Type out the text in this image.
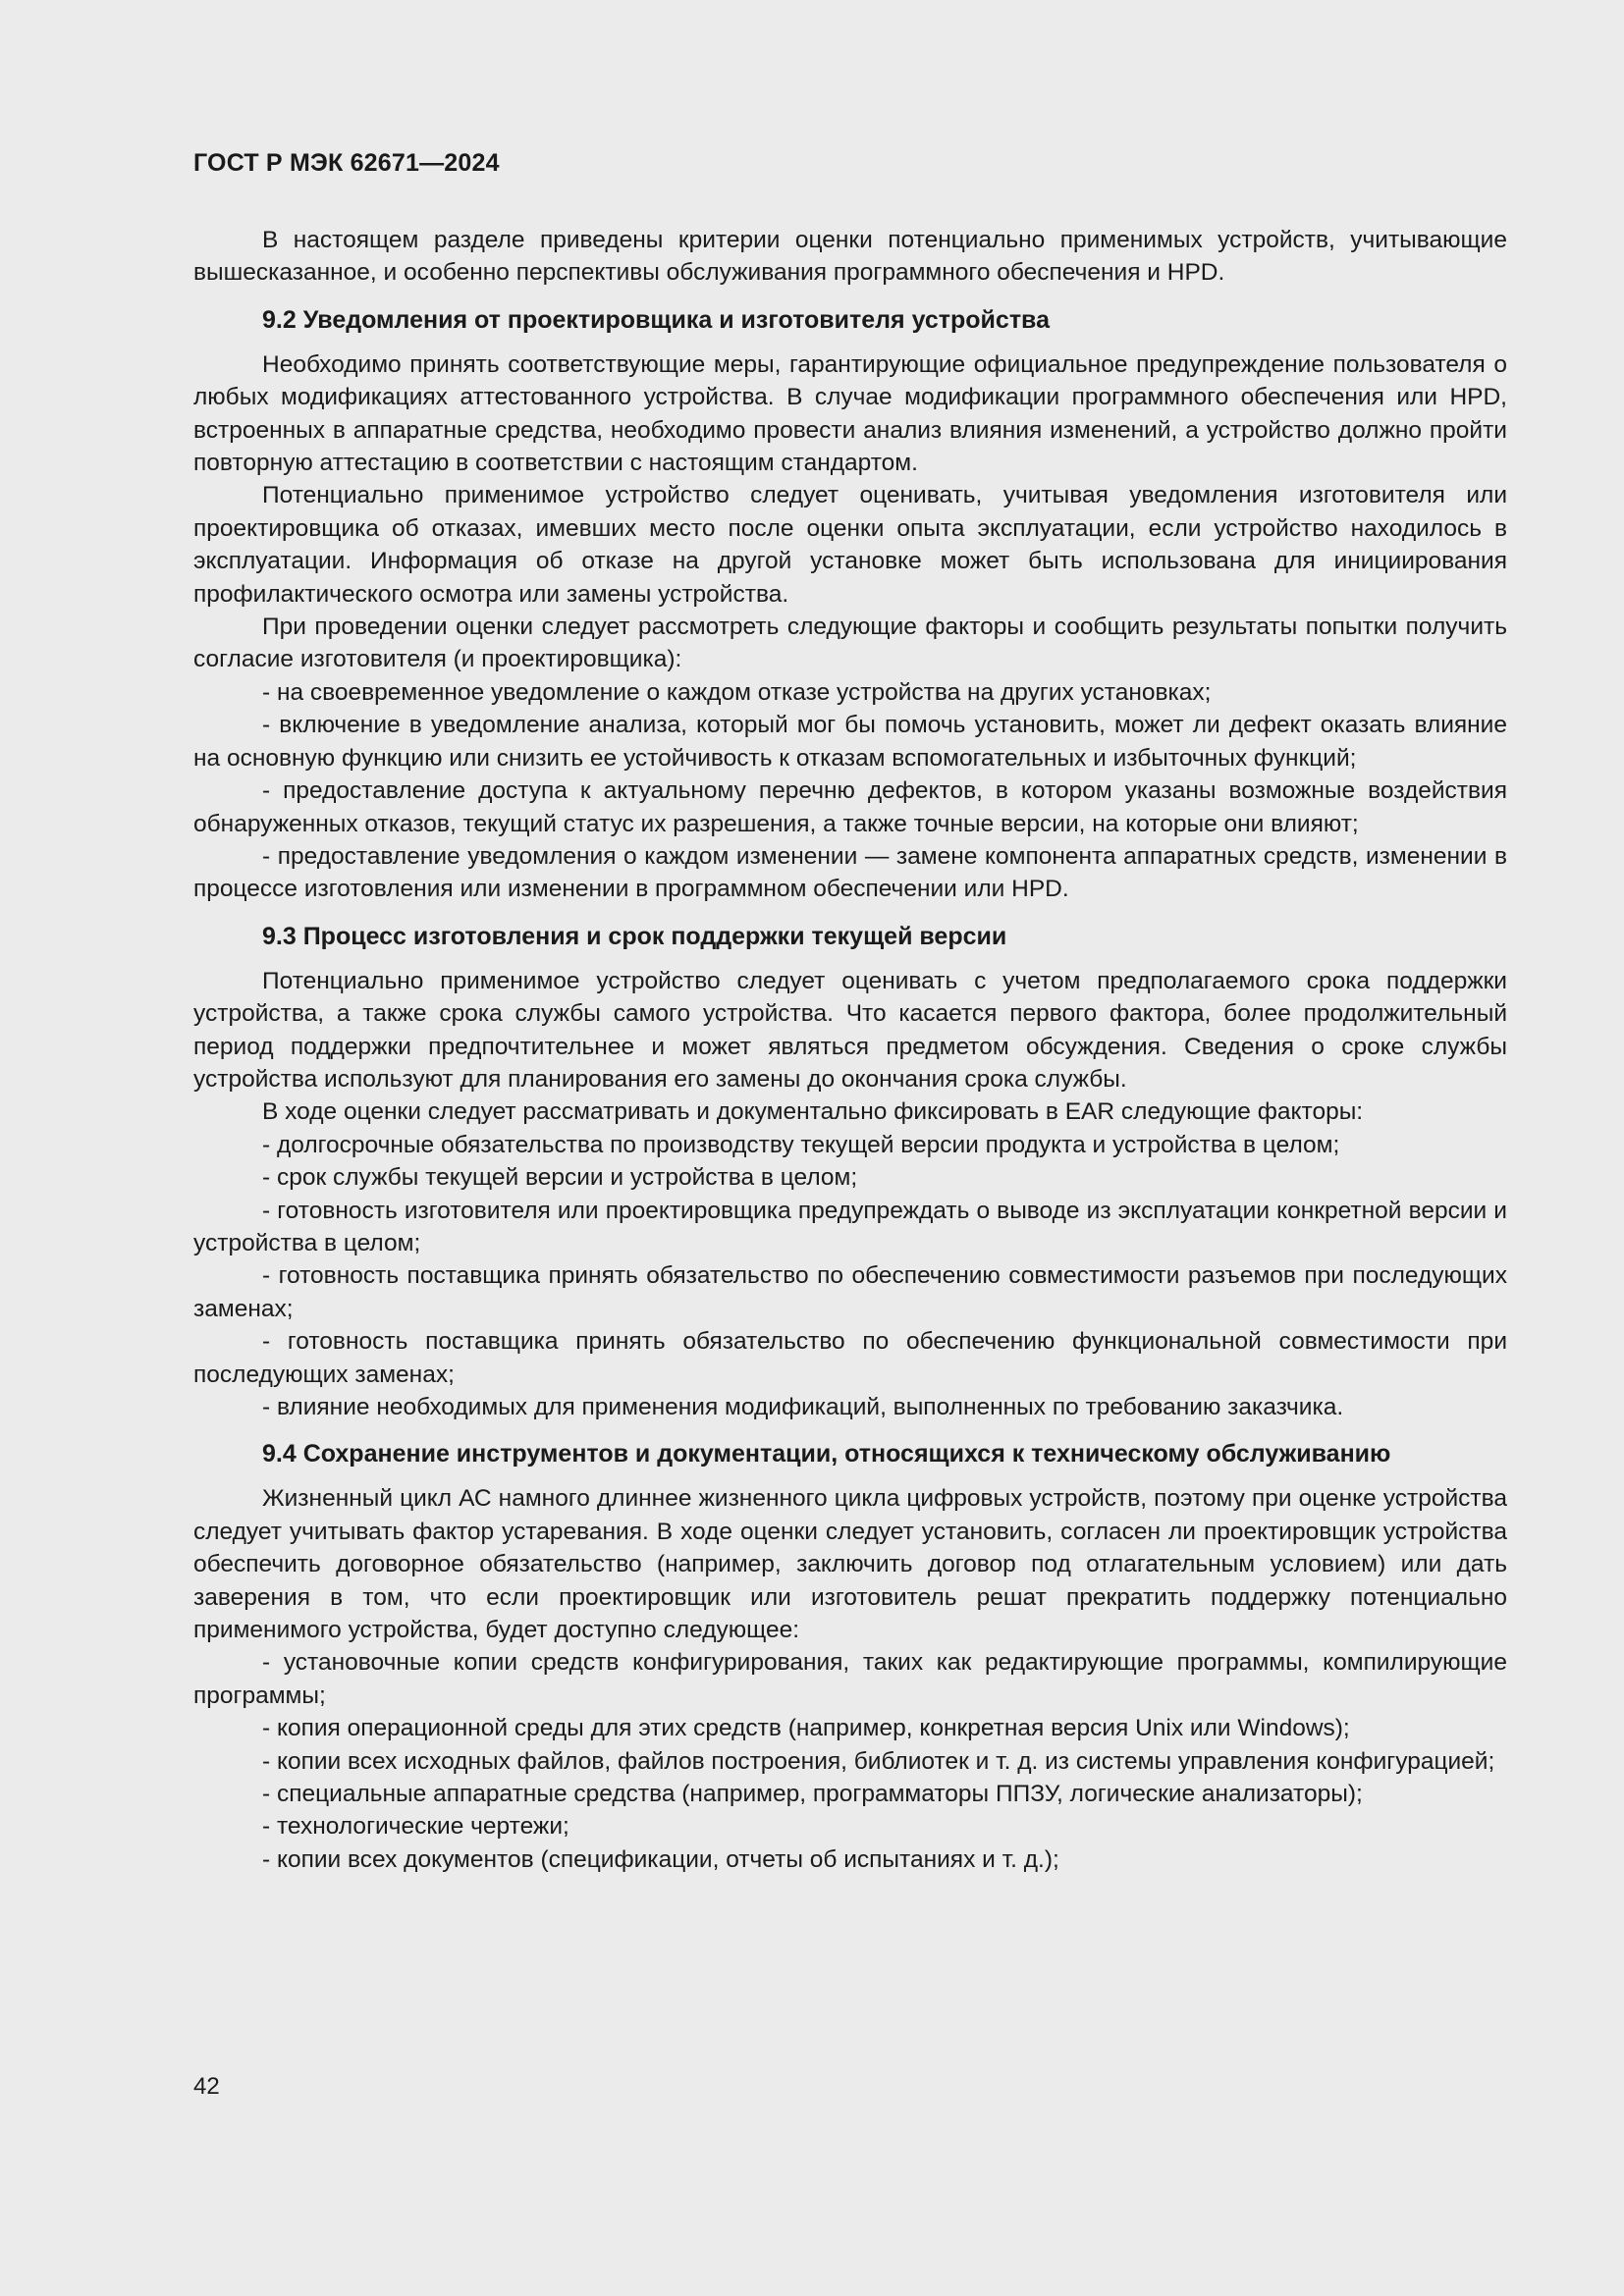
ГОСТ Р МЭК 62671—2024

В настоящем разделе приведены критерии оценки потенциально применимых устройств, учитывающие вышесказанное, и особенно перспективы обслуживания программного обеспечения и HPD.

9.2 Уведомления от проектировщика и изготовителя устройства

Необходимо принять соответствующие меры, гарантирующие официальное предупреждение пользователя о любых модификациях аттестованного устройства. В случае модификации программного обеспечения или HPD, встроенных в аппаратные средства, необходимо провести анализ влияния изменений, а устройство должно пройти повторную аттестацию в соответствии с настоящим стандартом.

Потенциально применимое устройство следует оценивать, учитывая уведомления изготовителя или проектировщика об отказах, имевших место после оценки опыта эксплуатации, если устройство находилось в эксплуатации. Информация об отказе на другой установке может быть использована для инициирования профилактического осмотра или замены устройства.

При проведении оценки следует рассмотреть следующие факторы и сообщить результаты попытки получить согласие изготовителя (и проектировщика):

- на своевременное уведомление о каждом отказе устройства на других установках;

- включение в уведомление анализа, который мог бы помочь установить, может ли дефект оказать влияние на основную функцию или снизить ее устойчивость к отказам вспомогательных и избыточных функций;

- предоставление доступа к актуальному перечню дефектов, в котором указаны возможные воздействия обнаруженных отказов, текущий статус их разрешения, а также точные версии, на которые они влияют;

- предоставление уведомления о каждом изменении — замене компонента аппаратных средств, изменении в процессе изготовления или изменении в программном обеспечении или HPD.

9.3 Процесс изготовления и срок поддержки текущей версии

Потенциально применимое устройство следует оценивать с учетом предполагаемого срока поддержки устройства, а также срока службы самого устройства. Что касается первого фактора, более продолжительный период поддержки предпочтительнее и может являться предметом обсуждения. Сведения о сроке службы устройства используют для планирования его замены до окончания срока службы.

В ходе оценки следует рассматривать и документально фиксировать в EAR следующие факторы:

- долгосрочные обязательства по производству текущей версии продукта и устройства в целом;

- срок службы текущей версии и устройства в целом;

- готовность изготовителя или проектировщика предупреждать о выводе из эксплуатации конкретной версии и устройства в целом;

- готовность поставщика принять обязательство по обеспечению совместимости разъемов при последующих заменах;

- готовность поставщика принять обязательство по обеспечению функциональной совместимости при последующих заменах;

- влияние необходимых для применения модификаций, выполненных по требованию заказчика.

9.4 Сохранение инструментов и документации, относящихся к техническому обслуживанию

Жизненный цикл АС намного длиннее жизненного цикла цифровых устройств, поэтому при оценке устройства следует учитывать фактор устаревания. В ходе оценки следует установить, согласен ли проектировщик устройства обеспечить договорное обязательство (например, заключить договор под отлагательным условием) или дать заверения в том, что если проектировщик или изготовитель решат прекратить поддержку потенциально применимого устройства, будет доступно следующее:

- установочные копии средств конфигурирования, таких как редактирующие программы, компилирующие программы;

- копия операционной среды для этих средств (например, конкретная версия Unix или Windows);

- копии всех исходных файлов, файлов построения, библиотек и т. д. из системы управления конфигурацией;

- специальные аппаратные средства (например, программаторы ППЗУ, логические анализаторы);

- технологические чертежи;

- копии всех документов (спецификации, отчеты об испытаниях и т. д.);

42
